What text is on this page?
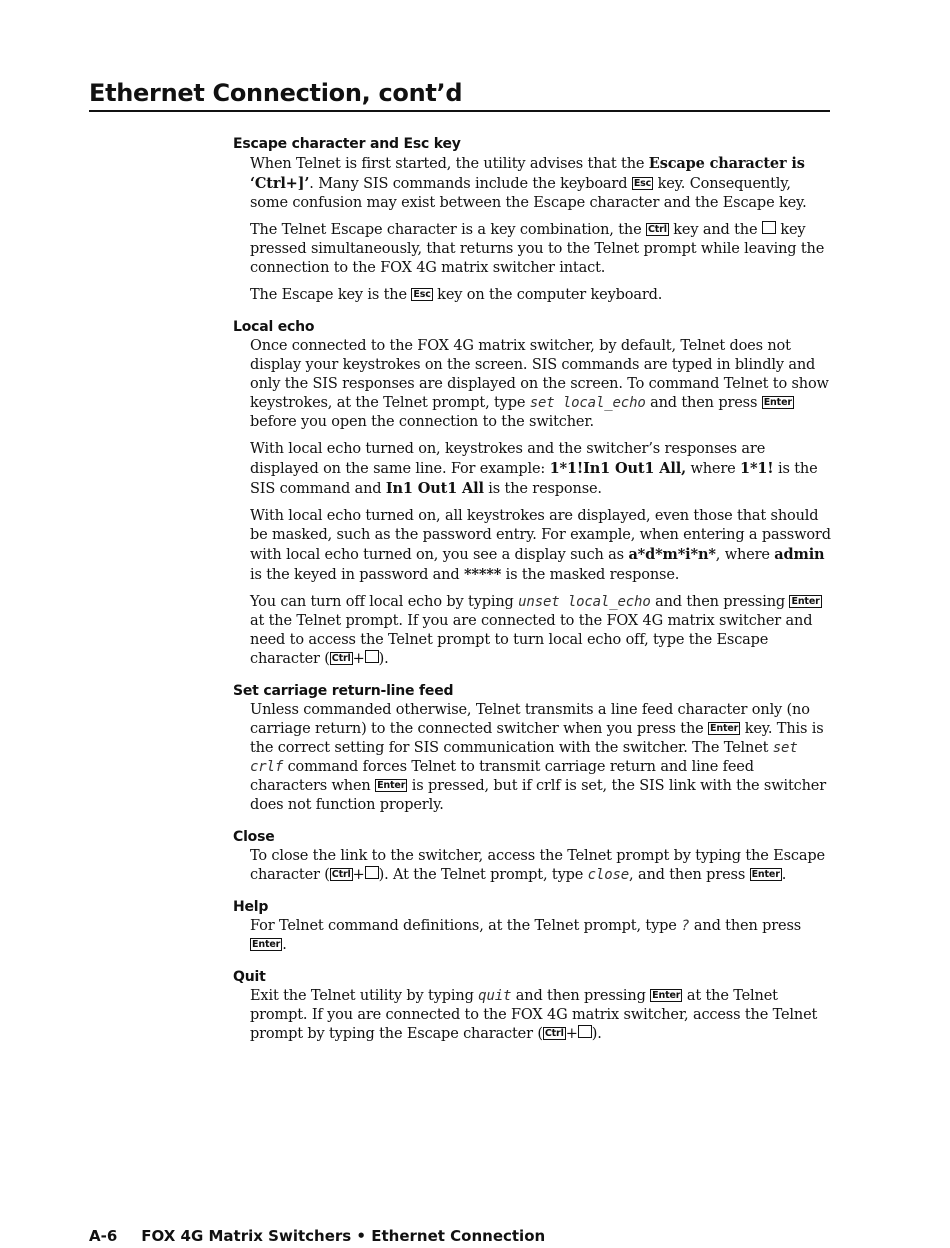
Ethernet Connection, cont’d
Escape character and Esc key

When Telnet is first started, the utility advises that the Escape character is ‘Ctrl+]’. Many SIS commands include the keyboard Esc key. Consequently, some confusion may exist between the Escape character and the Escape key.

The Telnet Escape character is a key combination, the Ctrl key and the  key pressed simultaneously, that returns you to the Telnet prompt while leaving the connection to the FOX 4G matrix switcher intact.

The Escape key is the Esc key on the computer keyboard.

Local echo

Once connected to the FOX 4G matrix switcher, by default, Telnet does not display your keystrokes on the screen. SIS commands are typed in blindly and only the SIS responses are displayed on the screen. To command Telnet to show keystrokes, at the Telnet prompt, type set local_echo and then press Enter before you open the connection to the switcher.

With local echo turned on, keystrokes and the switcher’s responses are displayed on the same line. For example: 1*1!In1 Out1 All, where 1*1! is the SIS command and In1 Out1 All is the response.

With local echo turned on, all keystrokes are displayed, even those that should be masked, such as the password entry. For example, when entering a password with local echo turned on, you see a display such as a*d*m*i*n*, where admin is the keyed in password and ***** is the masked response.

You can turn off local echo by typing unset local_echo and then pressing Enter at the Telnet prompt. If you are connected to the FOX 4G matrix switcher and need to access the Telnet prompt to turn local echo off, type the Escape character ( Ctrl + ).

Set carriage return-line feed

Unless commanded otherwise, Telnet transmits a line feed character only (no carriage return) to the connected switcher when you press the Enter key. This is the correct setting for SIS communication with the switcher. The Telnet set crlf command forces Telnet to transmit carriage return and line feed characters when Enter is pressed, but if crlf is set, the SIS link with the switcher does not function properly.

Close

To close the link to the switcher, access the Telnet prompt by typing the Escape character ( Ctrl + ). At the Telnet prompt, type close, and then press Enter .

Help

For Telnet command definitions, at the Telnet prompt, type ? and then press Enter .

Quit

Exit the Telnet utility by typing quit and then pressing Enter at the Telnet prompt. If you are connected to the FOX 4G matrix switcher, access the Telnet prompt by typing the Escape character ( Ctrl + ).

A-6 FOX 4G Matrix Switchers • Ethernet Connection
